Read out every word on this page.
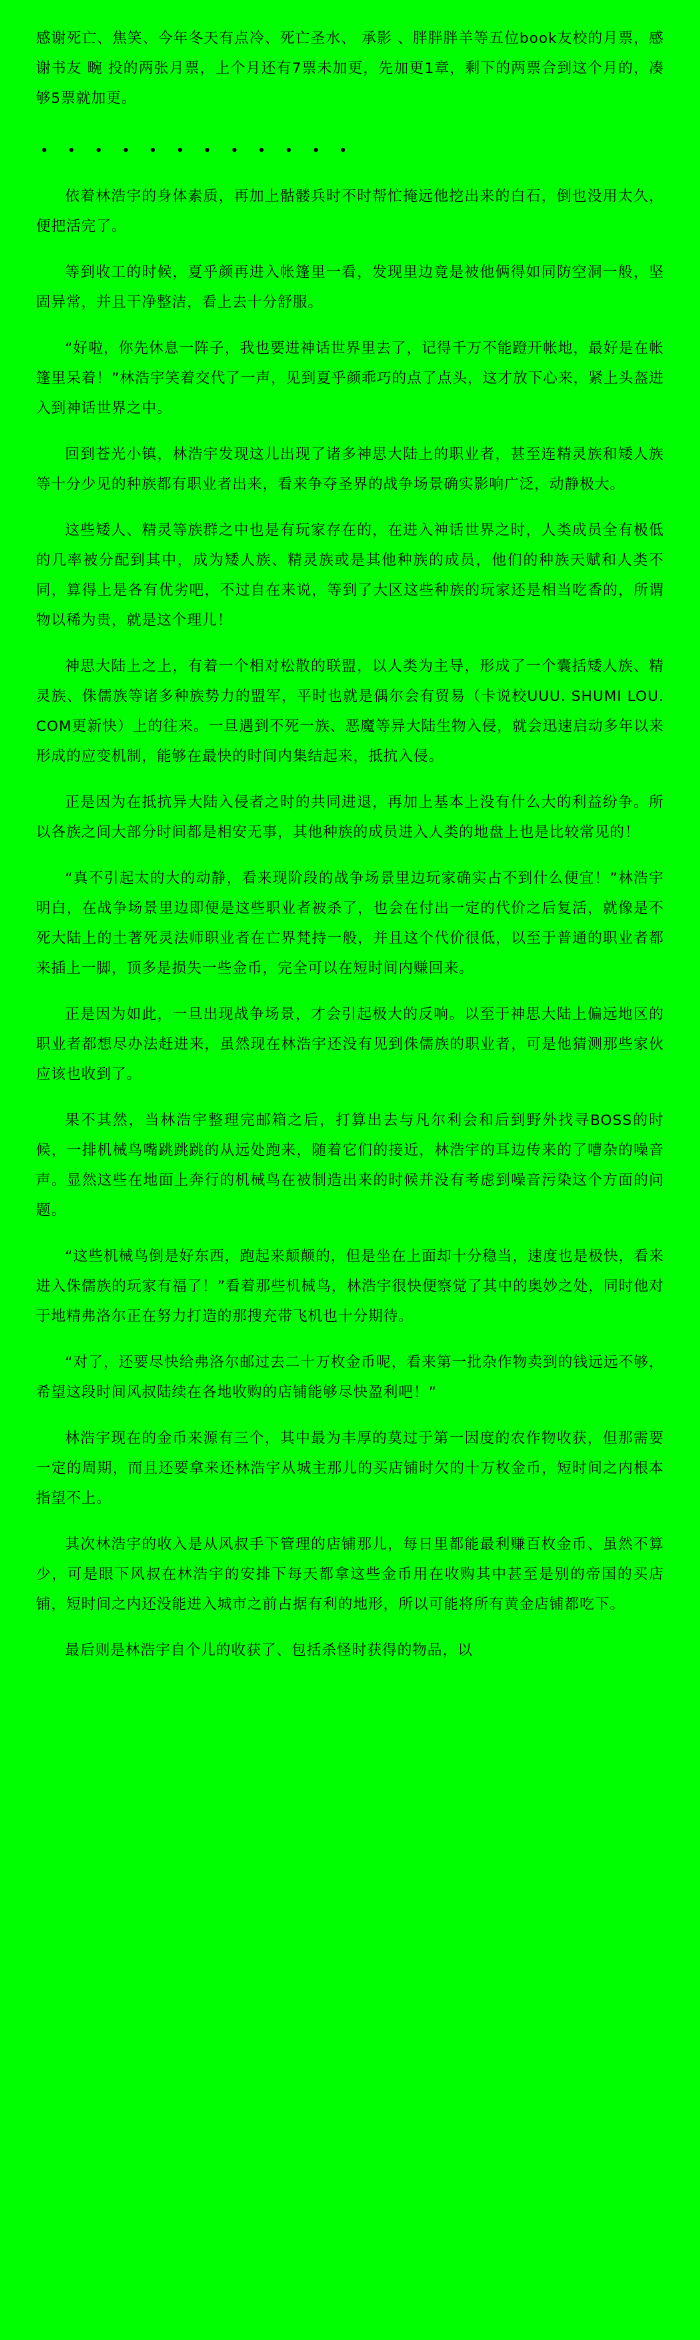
感谢死亡、焦笑、今年冬天有点冷、死亡圣水、 承影 、胖胖胖羊等五位book友校的月票，感谢书友 畹 投的两张月票，上个月还有7票未加更，先加更1章，剩下的两票合到这个月的，凑够5票就加更。

• • • • • • • • • • • •

依着林浩宇的身体素质，再加上骷髅兵时不时帮忙掩远他挖出来的白石，倒也没用太久，便把活完了。

等到收工的时候，夏乎颜再进入帐篷里一看，发现里边竟是被他俩得如同防空洞一般，坚固异常，并且干净整洁，看上去十分舒服。

“好啦，你先休息一阵子，我也要进神话世界里去了，记得千万不能蹬开帐地，最好是在帐篷里呆着！”林浩宇笑着交代了一声，见到夏乎颜乖巧的点了点头，这才放下心来，紧上头盔进入到神话世界之中。

回到苍光小镇，林浩宇发现这儿出现了诸多神思大陆上的职业者，甚至连精灵族和矮人族等十分少见的种族都有职业者出来，看来争夺圣界的战争场景确实影响广泛，动静极大。

这些矮人、精灵等族群之中也是有玩家存在的，在进入神话世界之时，人类成员全有极低的几率被分配到其中，成为矮人族、精灵族或是其他种族的成员，他们的种族天赋和人类不同，算得上是各有优劣吧，不过自在来说，等到了大区这些种族的玩家还是相当吃香的，所谓物以稀为贵，就是这个理儿！

神思大陆上之上，有着一个相对松散的联盟，以人类为主导，形成了一个囊括矮人族、精灵族、侏儒族等诸多种族势力的盟军，平时也就是偶尔会有贸易（卡说校UUU. SHUMI LOU. COM更新快）上的往来。一旦遇到不死一族、恶魔等异大陆生物入侵，就会迅速启动多年以来形成的应变机制，能够在最快的时间内集结起来，抵抗入侵。

正是因为在抵抗异大陆入侵者之时的共同进退，再加上基本上没有什么大的利益纷争。所以各族之间大部分时间都是相安无事，其他种族的成员进入人类的地盘上也是比较常见的！

“真不引起太的大的动静，看来现阶段的战争场景里边玩家确实占不到什么便宜！”林浩宇明白，在战争场景里边即便是这些职业者被杀了，也会在付出一定的代价之后复活，就像是不死大陆上的土著死灵法师职业者在亡界梵持一般，并且这个代价很低，以至于普通的职业者都来插上一脚，顶多是损失一些金币，完全可以在短时间内赚回来。

正是因为如此，一旦出现战争场景，才会引起极大的反响。以至于神思大陆上偏远地区的职业者都想尽办法赶进来，虽然现在林浩宇还没有见到侏儒族的职业者，可是他猜测那些家伙应该也收到了。

果不其然，当林浩宇整理完邮箱之后，打算出去与凡尔利会和后到野外找寻BOSS的时候，一排机械鸟嘴跳跳跳的从远处跑来，随着它们的接近，林浩宇的耳边传来的了嘈杂的噪音声。显然这些在地面上奔行的机械鸟在被制造出来的时候并没有考虑到噪音污染这个方面的问题。

“这些机械鸟倒是好东西，跑起来颠颠的，但是坐在上面却十分稳当，速度也是极快，看来进入侏儒族的玩家有福了！”看着那些机械鸟，林浩宇很快便察觉了其中的奥妙之处，同时他对于地精弗洛尔正在努力打造的那搜充带飞机也十分期待。

“对了，还要尽快给弗洛尔邮过去二十万枚金币呢，看来第一批杂作物卖到的钱远远不够，希望这段时间风叔陆续在各地收购的店铺能够尽快盈利吧！”

林浩宇现在的金币来源有三个，其中最为丰厚的莫过于第一因度的农作物收获，但那需要一定的周期，而且还要拿来还林浩宇从城主那儿的买店铺时欠的十万枚金币，短时间之内根本指望不上。

其次林浩宇的收入是从风叔手下管理的店铺那儿，每日里都能最利赚百枚金币、虽然不算少，可是眼下风叔在林浩宇的安排下每天都拿这些金币用在收购其中甚至是别的帝国的买店铺，短时间之内还没能进入城市之前占据有利的地形，所以可能将所有黄金店铺都吃下。

最后则是林浩宇自个儿的收获了、包括杀怪时获得的物品，以
